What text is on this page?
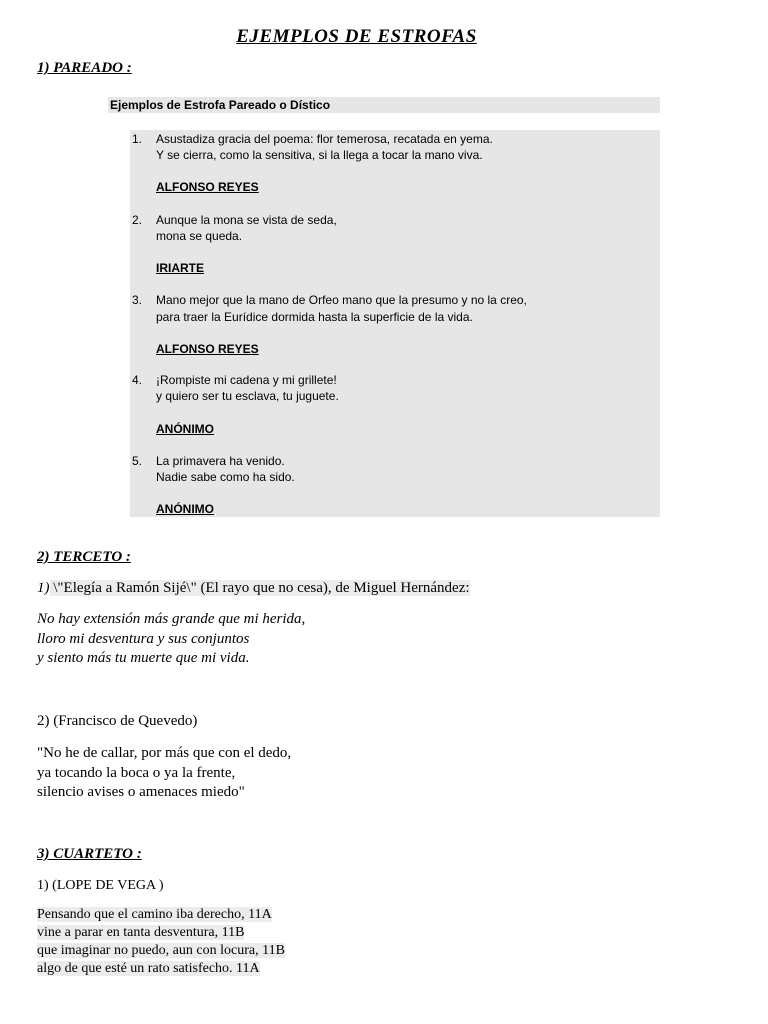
EJEMPLOS DE ESTROFAS
1) PAREADO :
Ejemplos de Estrofa Pareado o Dístico
1. Asustadiza gracia del poema: flor temerosa, recatada en yema.
Y se cierra, como la sensitiva, si la llega a tocar la mano viva.
ALFONSO REYES
2. Aunque la mona se vista de seda,
mona se queda.
IRIARTE
3. Mano mejor que la mano de Orfeo mano que la presumo y no la creo,
para traer la Eurídice dormida hasta la superficie de la vida.
ALFONSO REYES
4. ¡Rompiste mi cadena y mi grillete!
y quiero ser tu esclava, tu juguete.
ANÓNIMO
5. La primavera ha venido.
Nadie sabe como ha sido.
ANÓNIMO
2) TERCETO :
1) \"Elegía a Ramón Sijé\" (El rayo que no cesa), de Miguel Hernández:
No hay extensión más grande que mi herida,
lloro mi desventura y sus conjuntos
y siento más tu muerte que mi vida.
2) (Francisco de Quevedo)
"No he de callar, por más que con el dedo,
ya tocando la boca o ya la frente,
silencio avises o amenaces miedo"
3) CUARTETO :
1) (LOPE DE VEGA )
Pensando que el camino iba derecho, 11A
vine a parar en tanta desventura, 11B
que imaginar no puedo, aun con locura, 11B
algo de que esté un rato satisfecho. 11A
